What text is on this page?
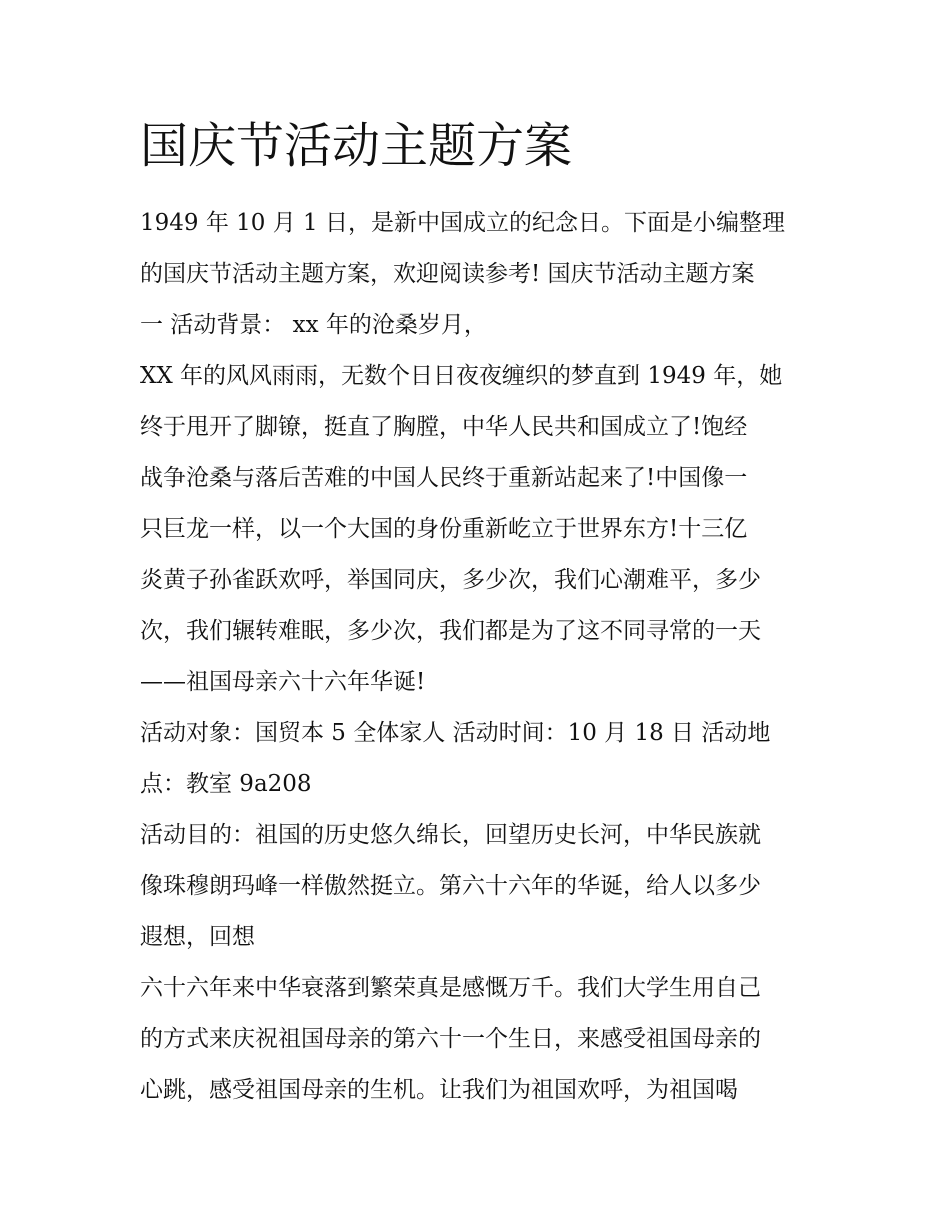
国庆节活动主题方案
1949 年 10 月 1 日，是新中国成立的纪念日。下面是小编整理
的国庆节活动主题方案，欢迎阅读参考! 国庆节活动主题方案
一 活动背景： xx 年的沧桑岁月，
XX 年的风风雨雨，无数个日日夜夜缠织的梦直到 1949 年，她
终于甩开了脚镣，挺直了胸膛，中华人民共和国成立了!饱经
战争沧桑与落后苦难的中国人民终于重新站起来了!中国像一
只巨龙一样，以一个大国的身份重新屹立于世界东方!十三亿
炎黄子孙雀跃欢呼，举国同庆，多少次，我们心潮难平，多少
次，我们辗转难眠，多少次，我们都是为了这不同寻常的一天
——祖国母亲六十六年华诞!
活动对象：国贸本 5 全体家人 活动时间：10 月 18 日 活动地
点：教室 9a208
活动目的：祖国的历史悠久绵长，回望历史长河，中华民族就
像珠穆朗玛峰一样傲然挺立。第六十六年的华诞，给人以多少
遐想，回想
六十六年来中华衰落到繁荣真是感慨万千。我们大学生用自己
的方式来庆祝祖国母亲的第六十一个生日，来感受祖国母亲的
心跳，感受祖国母亲的生机。让我们为祖国欢呼，为祖国喝
